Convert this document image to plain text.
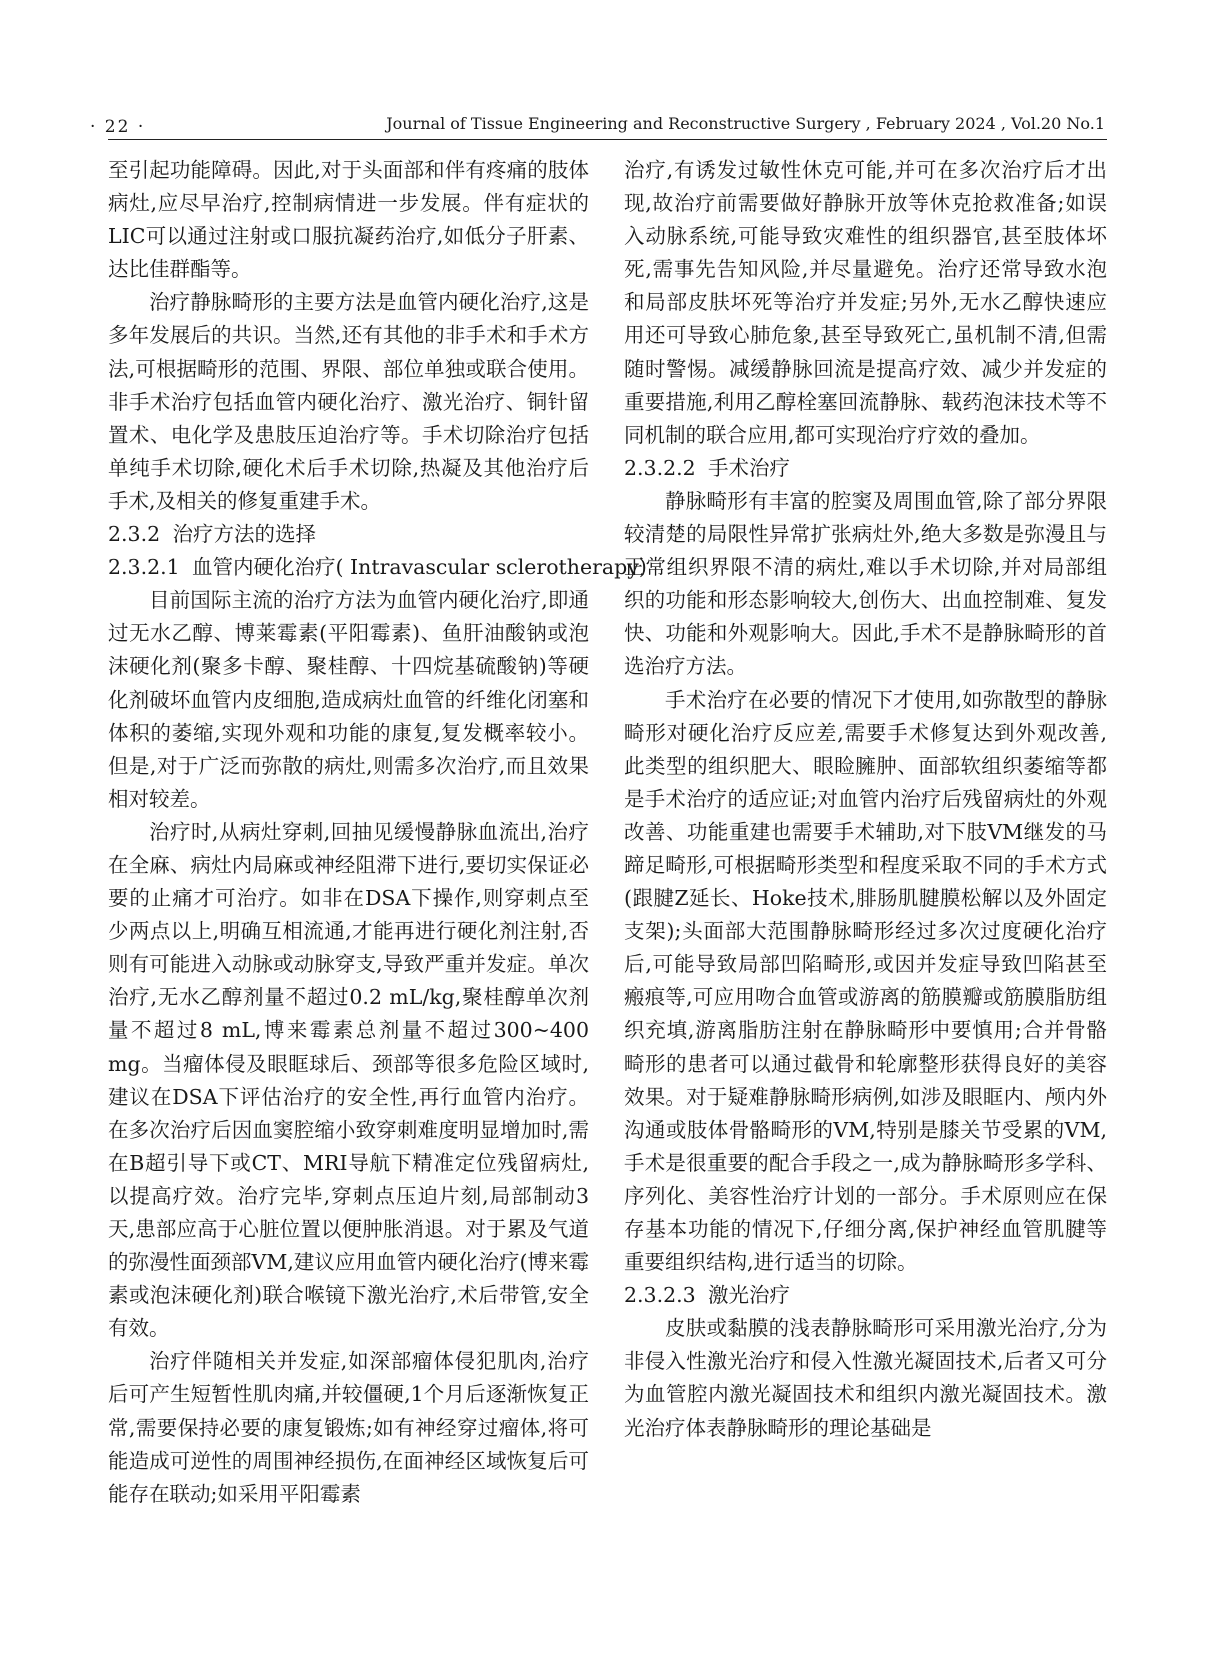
· 22 ·	Journal of Tissue Engineering and Reconstructive Surgery , February 2024 , Vol.20 No.1

至引起功能障碍。因此,对于头面部和伴有疼痛的肢体病灶,应尽早治疗,控制病情进一步发展。伴有症状的LIC可以通过注射或口服抗凝药治疗,如低分子肝素、达比佳群酯等。

治疗静脉畸形的主要方法是血管内硬化治疗,这是多年发展后的共识。当然,还有其他的非手术和手术方法,可根据畸形的范围、界限、部位单独或联合使用。非手术治疗包括血管内硬化治疗、激光治疗、铜针留置术、电化学及患肢压迫治疗等。手术切除治疗包括单纯手术切除,硬化术后手术切除,热凝及其他治疗后手术,及相关的修复重建手术。

2.3.2 治疗方法的选择
2.3.2.1 血管内硬化治疗( Intravascular sclerotherapy)

目前国际主流的治疗方法为血管内硬化治疗,即通过无水乙醇、博莱霉素(平阳霉素)、鱼肝油酸钠或泡沫硬化剂(聚多卡醇、聚桂醇、十四烷基硫酸钠)等硬化剂破坏血管内皮细胞,造成病灶血管的纤维化闭塞和体积的萎缩,实现外观和功能的康复,复发概率较小。但是,对于广泛而弥散的病灶,则需多次治疗,而且效果相对较差。

治疗时,从病灶穿刺,回抽见缓慢静脉血流出,治疗在全麻、病灶内局麻或神经阻滞下进行,要切实保证必要的止痛才可治疗。如非在DSA下操作,则穿刺点至少两点以上,明确互相流通,才能再进行硬化剂注射,否则有可能进入动脉或动脉穿支,导致严重并发症。单次治疗,无水乙醇剂量不超过0.2 mL/kg,聚桂醇单次剂量不超过8 mL,博来霉素总剂量不超过300~400 mg。当瘤体侵及眼眶球后、颈部等很多危险区域时,建议在DSA下评估治疗的安全性,再行血管内治疗。在多次治疗后因血窦腔缩小致穿刺难度明显增加时,需在B超引导下或CT、MRI导航下精准定位残留病灶,以提高疗效。治疗完毕,穿刺点压迫片刻,局部制动3天,患部应高于心脏位置以便肿胀消退。对于累及气道的弥漫性面颈部VM,建议应用血管内硬化治疗(博来霉素或泡沫硬化剂)联合喉镜下激光治疗,术后带管,安全有效。

治疗伴随相关并发症,如深部瘤体侵犯肌肉,治疗后可产生短暂性肌肉痛,并较僵硬,1个月后逐渐恢复正常,需要保持必要的康复锻炼;如有神经穿过瘤体,将可能造成可逆性的周围神经损伤,在面神经区域恢复后可能存在联动;如采用平阳霉素

治疗,有诱发过敏性休克可能,并可在多次治疗后才出现,故治疗前需要做好静脉开放等休克抢救准备;如误入动脉系统,可能导致灾难性的组织器官,甚至肢体坏死,需事先告知风险,并尽量避免。治疗还常导致水泡和局部皮肤坏死等治疗并发症;另外,无水乙醇快速应用还可导致心肺危象,甚至导致死亡,虽机制不清,但需随时警惕。减缓静脉回流是提高疗效、减少并发症的重要措施,利用乙醇栓塞回流静脉、载药泡沫技术等不同机制的联合应用,都可实现治疗疗效的叠加。

2.3.2.2 手术治疗

静脉畸形有丰富的腔窦及周围血管,除了部分界限较清楚的局限性异常扩张病灶外,绝大多数是弥漫且与正常组织界限不清的病灶,难以手术切除,并对局部组织的功能和形态影响较大,创伤大、出血控制难、复发快、功能和外观影响大。因此,手术不是静脉畸形的首选治疗方法。

手术治疗在必要的情况下才使用,如弥散型的静脉畸形对硬化治疗反应差,需要手术修复达到外观改善,此类型的组织肥大、眼睑臃肿、面部软组织萎缩等都是手术治疗的适应证;对血管内治疗后残留病灶的外观改善、功能重建也需要手术辅助,对下肢VM继发的马蹄足畸形,可根据畸形类型和程度采取不同的手术方式(跟腱Z延长、Hoke技术,腓肠肌腱膜松解以及外固定支架);头面部大范围静脉畸形经过多次过度硬化治疗后,可能导致局部凹陷畸形,或因并发症导致凹陷甚至瘢痕等,可应用吻合血管或游离的筋膜瓣或筋膜脂肪组织充填,游离脂肪注射在静脉畸形中要慎用;合并骨骼畸形的患者可以通过截骨和轮廓整形获得良好的美容效果。对于疑难静脉畸形病例,如涉及眼眶内、颅内外沟通或肢体骨骼畸形的VM,特别是膝关节受累的VM,手术是很重要的配合手段之一,成为静脉畸形多学科、序列化、美容性治疗计划的一部分。手术原则应在保存基本功能的情况下,仔细分离,保护神经血管肌腱等重要组织结构,进行适当的切除。

2.3.2.3 激光治疗

皮肤或黏膜的浅表静脉畸形可采用激光治疗,分为非侵入性激光治疗和侵入性激光凝固技术,后者又可分为血管腔内激光凝固技术和组织内激光凝固技术。激光治疗体表静脉畸形的理论基础是
